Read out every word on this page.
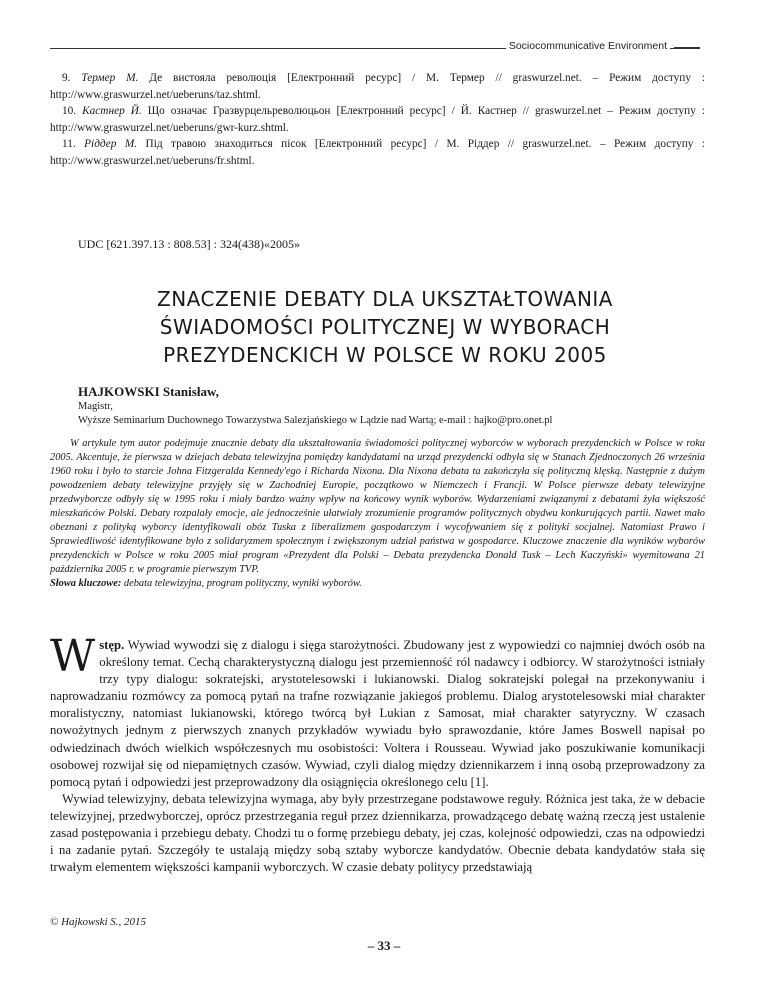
Sociocommunicative Environment

9. Термер М. Де вистояла революція [Електронний ресурс] / М. Термер // graswurzel.net. – Режим доступу : http://www.graswurzel.net/ueberuns/taz.shtml.

10. Кастнер Й. Що означає Гразвурцельреволюцьон [Електронний ресурс] / Й. Кастнер // graswurzel.net – Режим доступу : http://www.graswurzel.net/ueberuns/gwr-kurz.shtml.

11. Ріддер М. Під травою знаходиться пісок [Електронний ресурс] / М. Ріддер // graswurzel.net. – Режим доступу : http://www.graswurzel.net/ueberuns/fr.shtml.

UDC [621.397.13 : 808.53] : 324(438)«2005»
ZNACZENIE DEBATY DLA UKSZTAŁTOWANIA
ŚWIADOMOŚCI POLITYCZNEJ W WYBORACH
PREZYDENCKICH W POLSCE W ROKU 2005
HAJKOWSKI Stanisław,
Magistr,
Wyższe Seminarium Duchownego Towarzystwa Salezjańskiego w Lądzie nad Wartą; e-mail : hajko@pro.onet.pl

W artykule tym autor podejmuje znacznie debaty dla ukształtowania świadomości politycznej wyborców w wyborach prezydenckich w Polsce w roku 2005. Akcentuje, że pierwsza w dziejach debata telewizyjna pomiędzy kandydatami na urząd prezydencki odbyła się w Stanach Zjednoczonych 26 września 1960 roku i było to starcie Johna Fitzgeralda Kennedy'ego i Richarda Nixona. Dla Nixona debata ta zakończyła się polityczną klęską. Następnie z dużym powodzeniem debaty telewizyjne przyjęły się w Zachodniej Europie, początkowo w Niemczech i Francji. W Polsce pierwsze debaty telewizyjne przedwyborcze odbyły się w 1995 roku i miały bardzo ważny wpływ na końcowy wynik wyborów. Wydarzeniami związanymi z debatami żyła większość mieszkańców Polski. Debaty rozpalały emocje, ale jednocześnie ułatwiały zrozumienie programów politycznych obydwu konkurujących partii. Nawet mało obeznani z polityką wyborcy identyfikowali obóz Tuska z liberalizmem gospodarczym i wycofywaniem się z polityki socjalnej. Natomiast Prawo i Sprawiedliwość identyfikowane było z solidaryzmem społecznym i zwiększonym udział państwa w gospodarce. Kluczowe znaczenie dla wyników wyborów prezydenckich w Polsce w roku 2005 miał program «Prezydent dla Polski – Debata prezydencka Donald Tusk – Lech Kaczyński» wyemitowana 21 października 2005 r. w programie pierwszym TVP.

Słowa kluczowe: debata telewizyjna, program polityczny, wyniki wyborów.

Wstęp. Wywiad wywodzi się z dialogu i sięga starożytności. Zbudowany jest z wypowiedzi co najmniej dwóch osób na określony temat. Cechą charakterystyczną dialogu jest przemienność ról nadawcy i odbiorcy. W starożytności istniały trzy typy dialogu: sokratejski, arystotelesowski i lukianowski. Dialog sokratejski polegał na przekonywaniu i naprowadzaniu rozmówcy za pomocą pytań na trafne rozwiązanie jakiegoś problemu. Dialog arystotelesowski miał charakter moralistyczny, natomiast lukianowski, którego twórcą był Lukian z Samosat, miał charakter satyryczny. W czasach nowożytnych jednym z pierwszych znanych przykładów wywiadu było sprawozdanie, które James Boswell napisał po odwiedzinach dwóch wielkich współczesnych mu osobistości: Voltera i Rousseau. Wywiad jako poszukiwanie komunikacji osobowej rozwijał się od niepamiętnych czasów. Wywiad, czyli dialog między dziennikarzem i inną osobą przeprowadzony za pomocą pytań i odpowiedzi jest przeprowadzony dla osiągnięcia określonego celu [1].

Wywiad telewizyjny, debata telewizyjna wymaga, aby były przestrzegane podstawowe reguły. Różnica jest taka, że w debacie telewizyjnej, przedwyborczej, oprócz przestrzegania reguł przez dziennikarza, prowadzącego debatę ważną rzeczą jest ustalenie zasad postępowania i przebiegu debaty. Chodzi tu o formę przebiegu debaty, jej czas, kolejność odpowiedzi, czas na odpowiedzi i na zadanie pytań. Szczegóły te ustalają między sobą sztaby wyborcze kandydatów. Obecnie debata kandydatów stała się trwałym elementem większości kampanii wyborczych. W czasie debaty politycy przedstawiają

© Hajkowski S., 2015
– 33 –
